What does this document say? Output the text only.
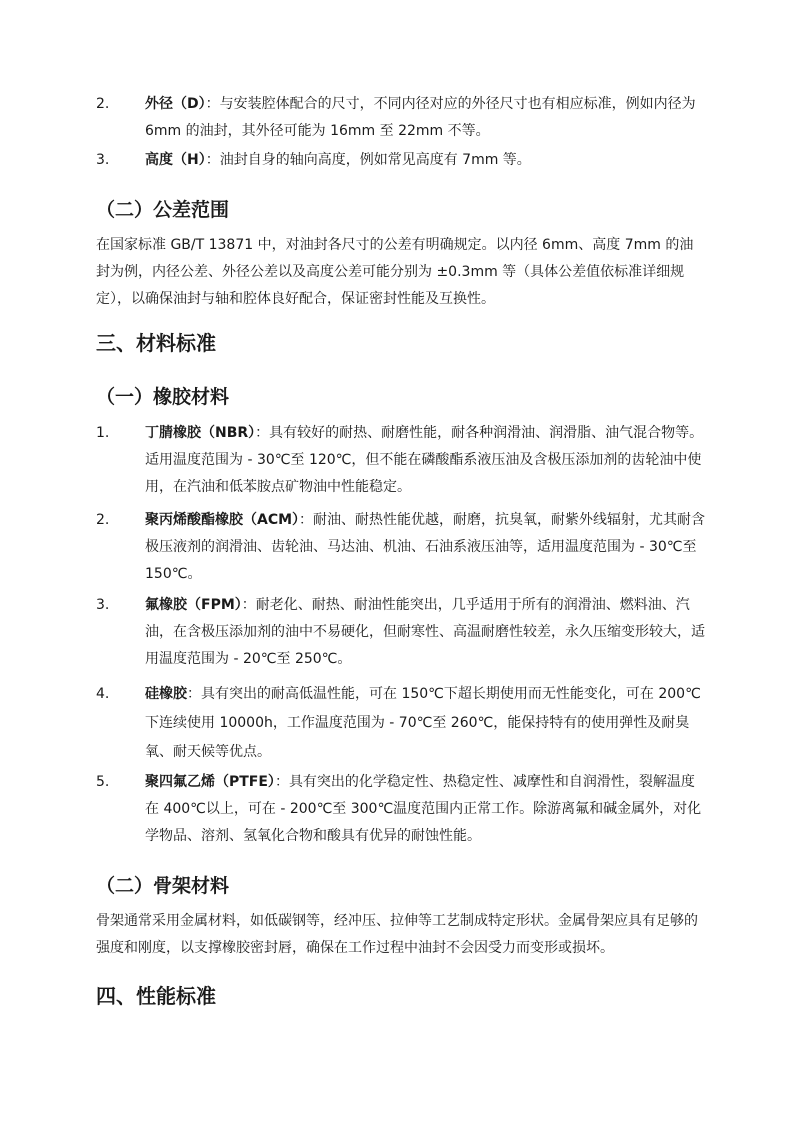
2.	外径（D）：与安装腔体配合的尺寸，不同内径对应的外径尺寸也有相应标准，例如内径为 6mm 的油封，其外径可能为 16mm 至 22mm 不等。
3.	高度（H）：油封自身的轴向高度，例如常见高度有 7mm 等。
（二）公差范围
在国家标准 GB/T 13871 中，对油封各尺寸的公差有明确规定。以内径 6mm、高度 7mm 的油封为例，内径公差、外径公差以及高度公差可能分别为 ±0.3mm 等（具体公差值依标准详细规定），以确保油封与轴和腔体良好配合，保证密封性能及互换性。
三、材料标准
（一）橡胶材料
1.	丁腈橡胶（NBR）：具有较好的耐热、耐磨性能，耐各种润滑油、润滑脂、油气混合物等。适用温度范围为 - 30℃至 120℃，但不能在磷酸酯系液压油及含极压添加剂的齿轮油中使用，在汽油和低苯胺点矿物油中性能稳定。
2.	聚丙烯酸酯橡胶（ACM）：耐油、耐热性能优越，耐磨，抗臭氧，耐紫外线辐射，尤其耐含极压液剂的润滑油、齿轮油、马达油、机油、石油系液压油等，适用温度范围为 - 30℃至 150℃。
3.	氟橡胶（FPM）：耐老化、耐热、耐油性能突出，几乎适用于所有的润滑油、燃料油、汽油，在含极压添加剂的油中不易硬化，但耐寒性、高温耐磨性较差，永久压缩变形较大，适用温度范围为 - 20℃至 250℃。
4.	硅橡胶：具有突出的耐高低温性能，可在 150℃下超长期使用而无性能变化，可在 200℃下连续使用 10000h，工作温度范围为 - 70℃至 260℃，能保持特有的使用弹性及耐臭氧、耐天候等优点。
5.	聚四氟乙烯（PTFE）：具有突出的化学稳定性、热稳定性、减摩性和自润滑性，裂解温度在 400℃以上，可在 - 200℃至 300℃温度范围内正常工作。除游离氟和碱金属外，对化学物品、溶剂、氢氧化合物和酸具有优异的耐蚀性能。
（二）骨架材料
骨架通常采用金属材料，如低碳钢等，经冲压、拉伸等工艺制成特定形状。金属骨架应具有足够的强度和刚度，以支撑橡胶密封唇，确保在工作过程中油封不会因受力而变形或损坏。
四、性能标准
